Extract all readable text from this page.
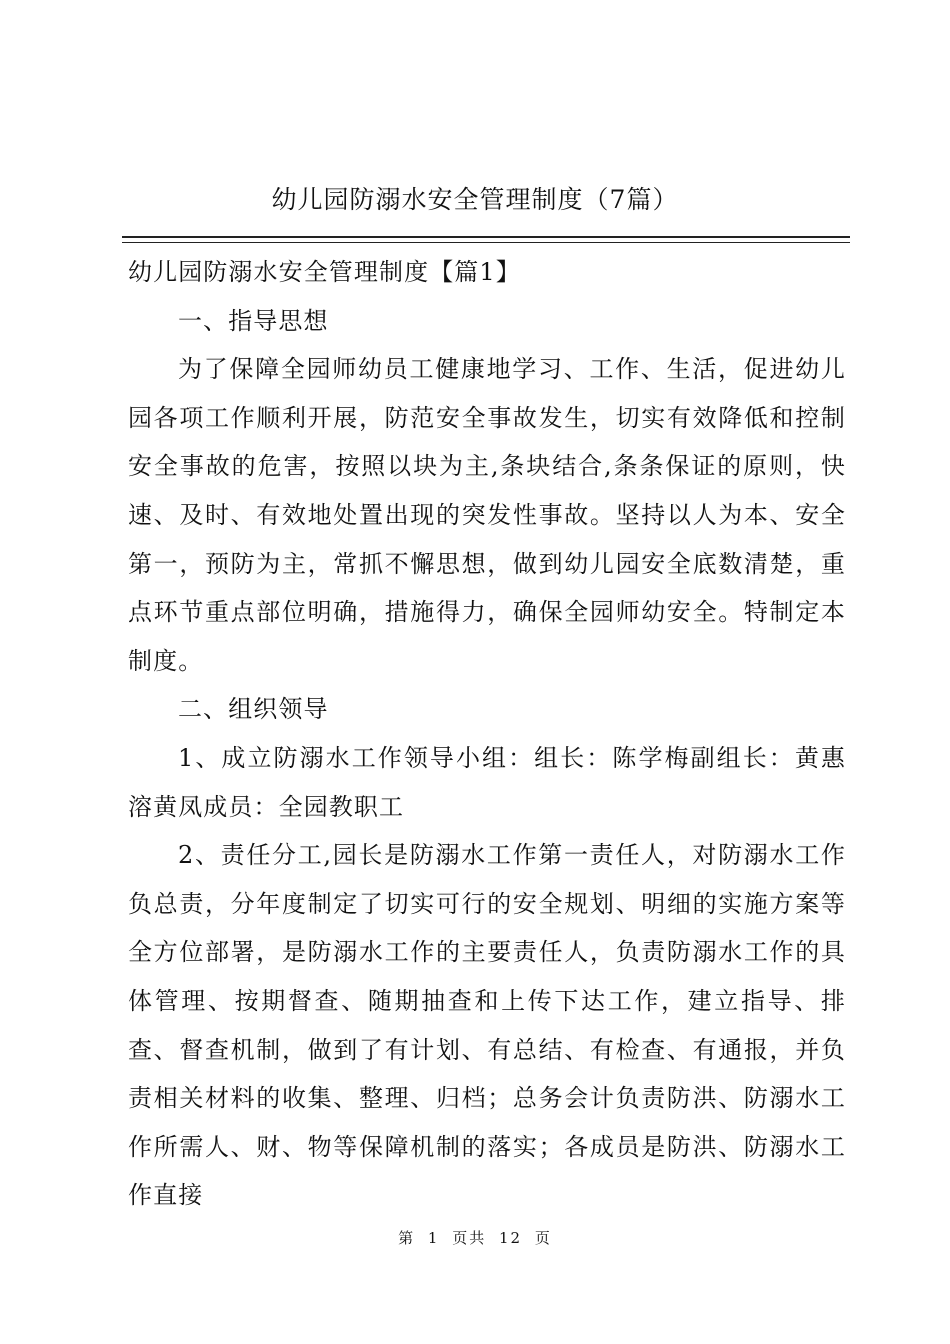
幼儿园防溺水安全管理制度（7篇）

幼儿园防溺水安全管理制度【篇1】

一、指导思想

为了保障全园师幼员工健康地学习、工作、生活，促进幼儿园各项工作顺利开展，防范安全事故发生，切实有效降低和控制安全事故的危害，按照以块为主,条块结合,条条保证的原则，快速、及时、有效地处置出现的突发性事故。坚持以人为本、安全第一，预防为主，常抓不懈思想，做到幼儿园安全底数清楚，重点环节重点部位明确，措施得力，确保全园师幼安全。特制定本制度。

二、组织领导

1、成立防溺水工作领导小组：组长：陈学梅副组长：黄惠溶黄凤成员：全园教职工

2、责任分工,园长是防溺水工作第一责任人，对防溺水工作负总责，分年度制定了切实可行的安全规划、明细的实施方案等全方位部署，是防溺水工作的主要责任人，负责防溺水工作的具体管理、按期督查、随期抽查和上传下达工作，建立指导、排查、督查机制，做到了有计划、有总结、有检查、有通报，并负责相关材料的收集、整理、归档；总务会计负责防洪、防溺水工作所需人、财、物等保障机制的落实；各成员是防洪、防溺水工作直接

第 1 页共 12 页
